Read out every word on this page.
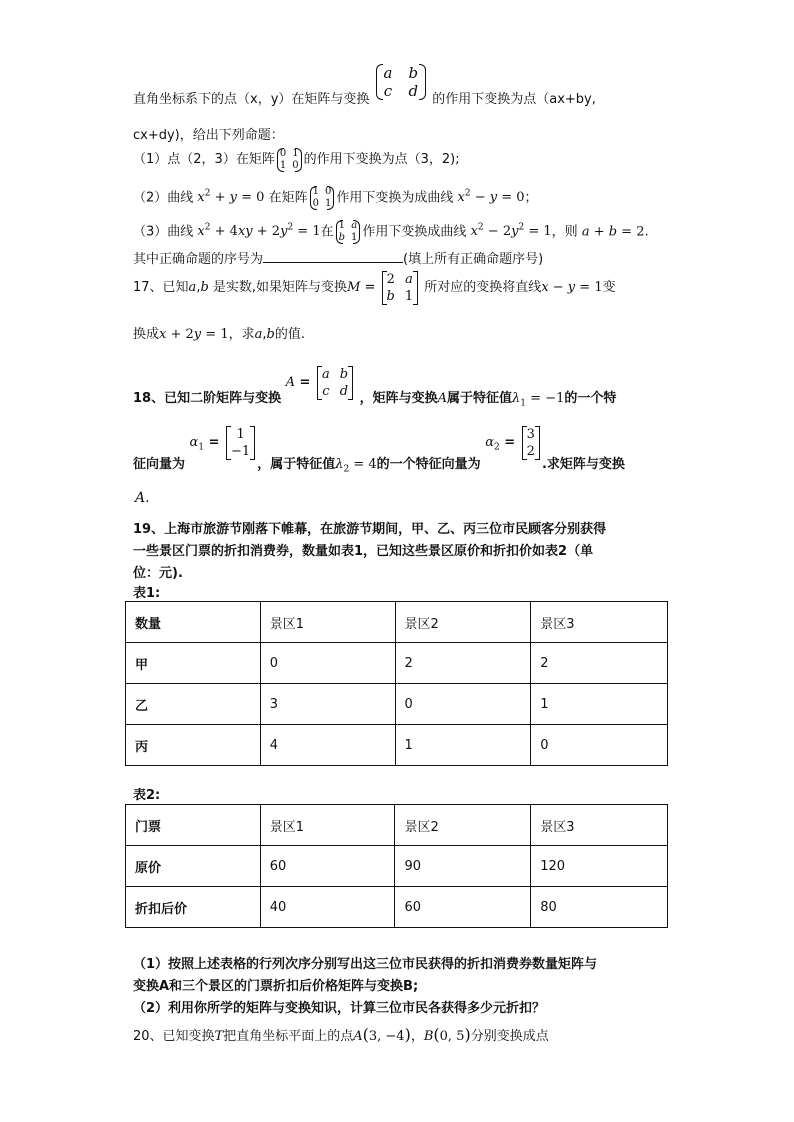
直角坐标系下的点（x，y）在矩阵与变换
a	b
c	d 的作用下变换为点（ax+by,
cx+dy)，给出下列命题：
（1）点（2，3）在矩阵 0	1
1	0 的作用下变换为点（3，2);
（2）曲线 $x^2 + y = 0$ 在矩阵 1	0
0	1 作用下变换为成曲线 $x^2 - y = 0$；
（3）曲线 $x^2 + 4xy + 2y^2 = 1$在 1	a
b	1 作用下变换成曲线 $x^2 - 2y^2 = 1$，则 a + b = 2.
其中正确命题的序号为	(填上所有正确命题序号)
17、已知a,b 是实数,如果矩阵与变换M =
2	a
b	1
所对应的变换将直线x − y = 1变
换成x + 2y = 1，求a,b的值.
18、已知二阶矩阵与变换 A =
a	b
c	d ，矩阵与变换A属于特征值$\lambda_1 = -1$的一个特
征向量为 $\alpha_1$ =
1
−1
，属于特征值$\lambda_2 = 4$的一个特征向量为 $\alpha_2$ =
3
2
.求矩阵与变换
A.
19、上海市旅游节刚落下帷幕，在旅游节期间，甲、乙、丙三位市民顾客分别获得
一些景区门票的折扣消费券，数量如表1，已知这些景区原价和折扣价如表2（单
位：元).
表1:
数量	景区1	景区2	景区3
甲	0	2	2
乙	3	0	1
丙	4	1	0
表2:
门票	景区1	景区2	景区3
原价	60	90	120
折扣后价	40	60	80
（1）按照上述表格的行列次序分别写出这三位市民获得的折扣消费券数量矩阵与
变换A和三个景区的门票折扣后价格矩阵与变换B;
（2）利用你所学的矩阵与变换知识，计算三位市民各获得多少元折扣？
20、已知变换T把直角坐标平面上的点A(3, −4)，B(0, 5)分别变换成点
